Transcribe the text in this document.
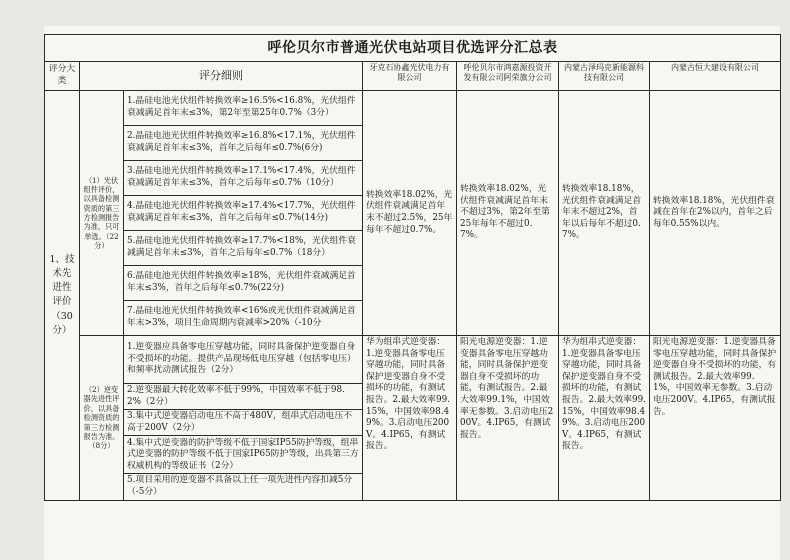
呼伦贝尔市普通光伏电站项目优选评分汇总表						
评分大类	评分细则		牙克石协鑫光伏电力有限公司	呼伦贝尔市鸿嘉源投资开发有限公司阿荣旗分公司	内蒙古泽玛克新能源科技有限公司	内蒙古恒大建设有限公司
1、技术先进性评价（30分）	（1）光伏组件评价，以具备检测资质的第三方检测报告为准，只可单选。（22分）	1.晶硅电池光伏组件转换效率≥16.5%<16.8%，光伏组件衰减满足首年末≤3%，第2年至第25年0.7%（3分）	转换效率18.02%，光伏组件衰减满足首年末不超过2.5%，25年每年不超过0.7%。	转换效率18.02%，光伏组件衰减满足首年末不超过3%，第2年至第25年每年不超过0.7%。	转换效率18.18%，光伏组件衰减满足首年末不超过2%，首年以后每年不超过0.7%。	转换效率18.18%，光伏组件衰减在首年在2%以内，首年之后每年0.55%以内。
		2.晶硅电池光伏组件转换效率≥16.8%<17.1%，光伏组件衰减满足首年末≤3%，首年之后每年≤0.7%(6分)				
		3.晶硅电池光伏组件转换效率≥17.1%<17.4%，光伏组件衰减满足首年末≤3%，首年之后每年≤0.7%（10分）				
		4.晶硅电池光伏组件转换效率≥17.4%<17.7%，光伏组件衰减满足首年末≤3%，首年之后每年≤0.7%(14分)				
		5.晶硅电池光伏组件转换效率≥17.7%<18%，光伏组件衰减满足首年末≤3%，首年之后每年≤0.7%（18分）				
		6.晶硅电池光伏组件转换效率≥18%，光伏组件衰减满足首年末≤3%，首年之后每年≤0.7%(22分)				
		7.晶硅电池光伏组件转换效率<16%或光伏组件衰减满足首年末>3%，项目生命周期内衰减率>20%（-10分				
	（2）逆变器先进性评价，以具备检测资质的第三方检测报告为准。（8分）	1.逆变器应具备零电压穿越功能，同时具备保护逆变器自身不受损坏的功能。提供产品现场低电压穿越（包括零电压）和频率扰动测试报告（2分）	华为组串式逆变器：1.逆变器具备零电压穿越功能，同时具备保护逆变器自身不受损坏的功能，有测试报告。2.最大效率99.15%，中国效率98.49%。3.启动电压200V。4.IP65，有测试报告。	阳光电源逆变器：1.逆变器具备零电压穿越功能，同时具备保护逆变器自身不受损坏的功能，有测试报告。2.最大效率99.1%，中国效率无参数。3.启动电压200V。4.IP65，有测试报告。	华为组串式逆变器：1.逆变器具备零电压穿越功能，同时具备保护逆变器自身不受损坏的功能，有测试报告。2.最大效率99.15%，中国效率98.49%。3.启动电压200V。4.IP65，有测试报告。	阳光电源逆变器：1.逆变器具备零电压穿越功能，同时具备保护逆变器自身不受损坏的功能，有测试报告。2.最大效率99.1%，中国效率无参数。3.启动电压200V。4.IP65，有测试报告。
		2.逆变器最大转化效率不低于99%，中国效率不低于98.2%（2分）				
		3.集中式逆变器启动电压不高于480V，组串式启动电压不高于200V（2分）				
		4.集中式逆变器的防护等级不低于国家IP55防护等级，组串式逆变器的防护等级不低于国家IP65防护等级，出具第三方权威机构的等级证书（2分）				
		5.项目采用的逆变器不具备以上任一项先进性内容扣减5分（-5分）				
